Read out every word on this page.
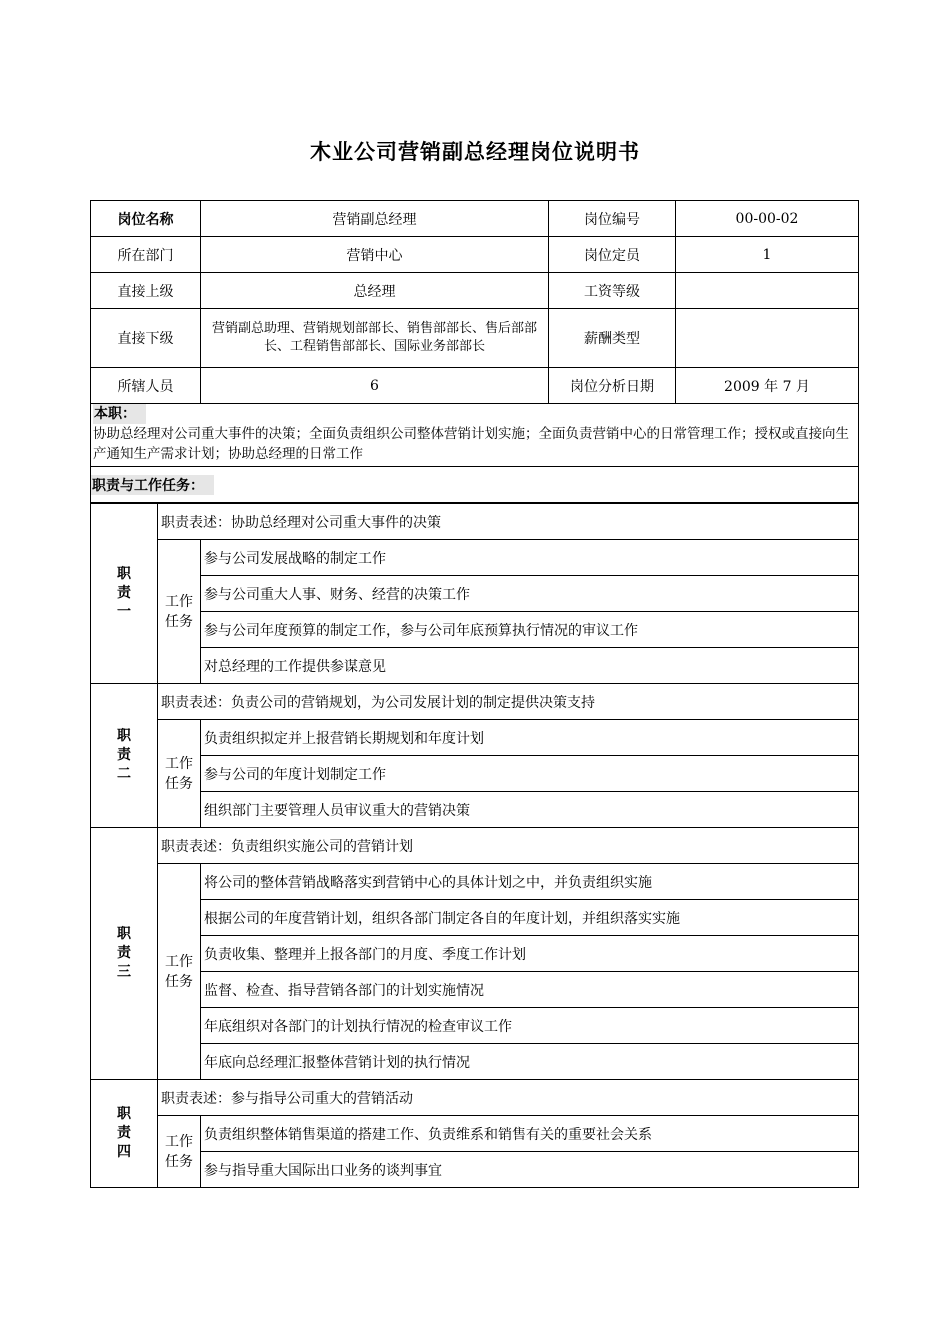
木业公司营销副总经理岗位说明书
岗位名称	营销副总经理	岗位编号	00-00-02
所在部门	营销中心	岗位定员	1
直接上级	总经理	工资等级	
直接下级	营销副总助理、营销规划部部长、销售部部长、售后部部长、工程销售部部长、国际业务部部长	薪酬类型	
所辖人员	6	岗位分析日期	2009 年 7 月

本职：
协助总经理对公司重大事件的决策；全面负责组织公司整体营销计划实施；全面负责营销中心的日常管理工作；授权或直接向生产通知生产需求计划；协助总经理的日常工作			

职责与工作任务：			
职
责
一	职责表述：协助总经理对公司重大事件的决策	
	工作
任务	参与公司发展战略的制定工作
		参与公司重大人事、财务、经营的决策工作
		参与公司年度预算的制定工作，参与公司年底预算执行情况的审议工作
		对总经理的工作提供参谋意见
职
责
二	职责表述：负责公司的营销规划，为公司发展计划的制定提供决策支持	
	工作
任务	负责组织拟定并上报营销长期规划和年度计划
		参与公司的年度计划制定工作
		组织部门主要管理人员审议重大的营销决策
职
责
三	职责表述：负责组织实施公司的营销计划	
	工作
任务	将公司的整体营销战略落实到营销中心的具体计划之中，并负责组织实施
		根据公司的年度营销计划，组织各部门制定各自的年度计划，并组织落实实施
		负责收集、整理并上报各部门的月度、季度工作计划
		监督、检查、指导营销各部门的计划实施情况
		年底组织对各部门的计划执行情况的检查审议工作
		年底向总经理汇报整体营销计划的执行情况
职
责
四	职责表述：参与指导公司重大的营销活动	
	工作
任务	负责组织整体销售渠道的搭建工作、负责维系和销售有关的重要社会关系
		参与指导重大国际出口业务的谈判事宜
